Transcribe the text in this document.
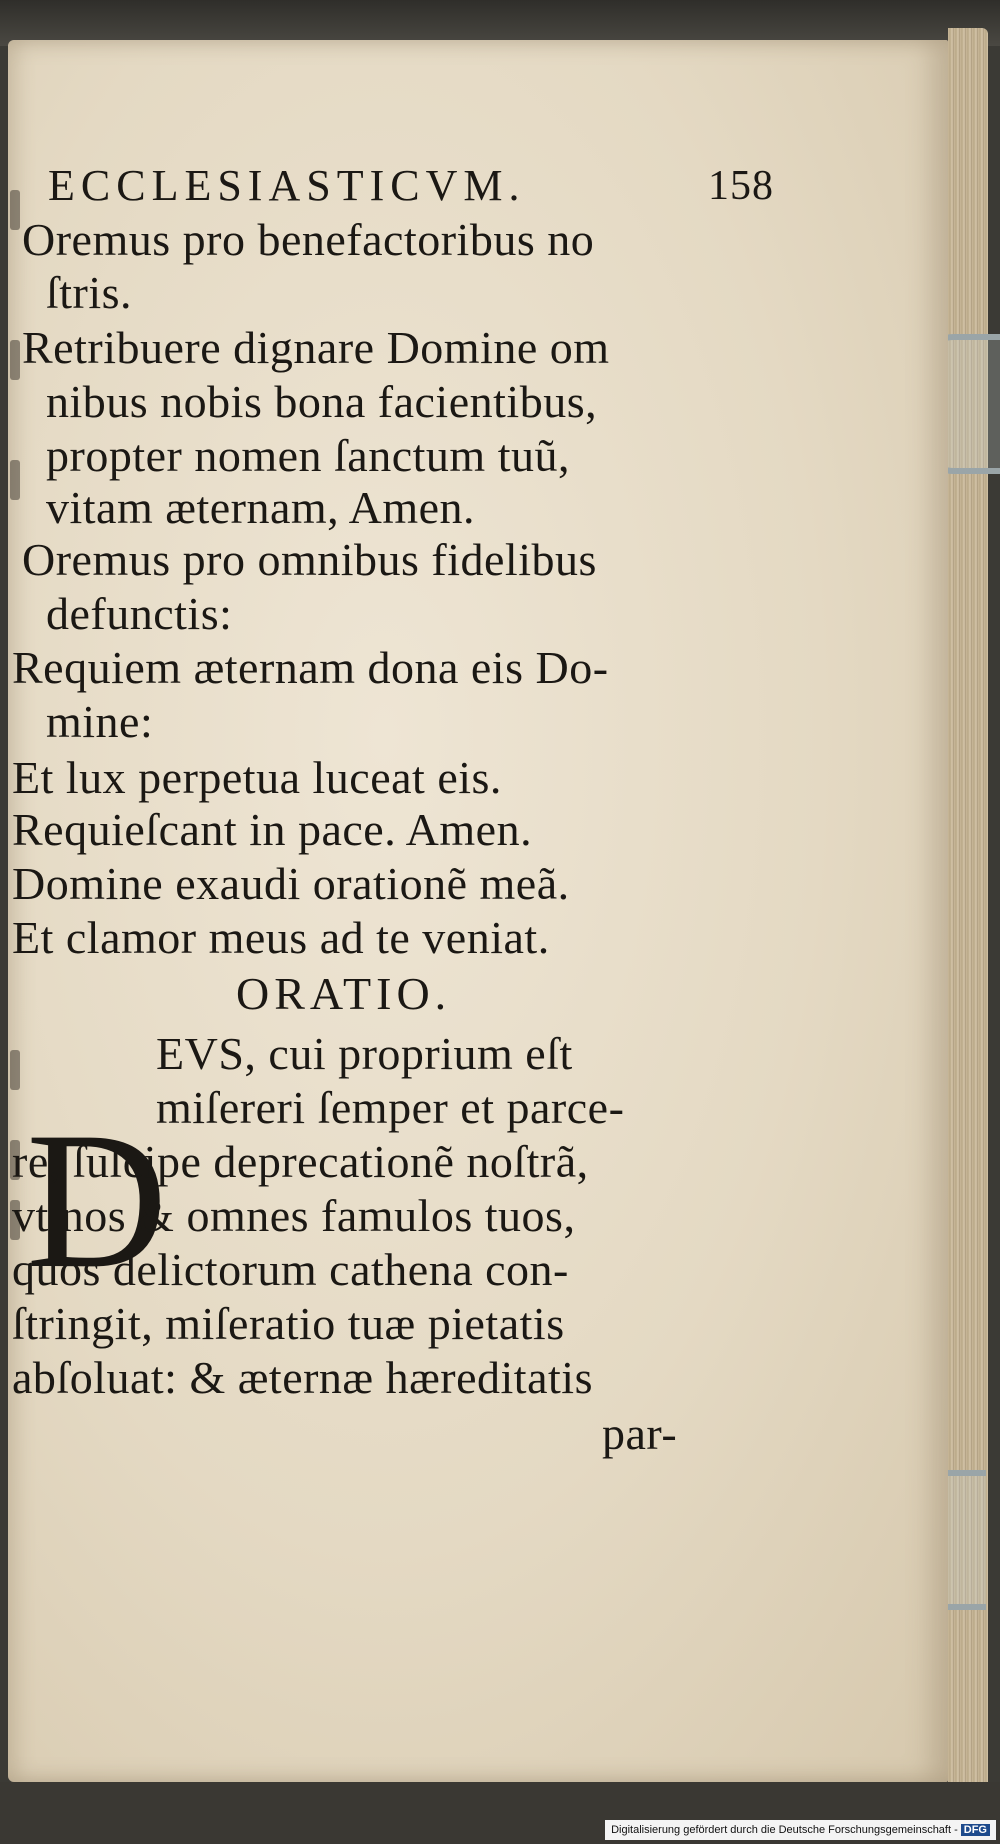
ECCLESIASTICVM.	158
Oremus pro benefactoribus no
ſtris.
Retribuere dignare Domine om
nibus nobis bona facientibus,
propter nomen ſanctum tuũ,
vitam æternam, Amen.
Oremus pro omnibus fidelibus
defunctis:
Requiem æternam dona eis Do-
mine:
Et lux perpetua luceat eis.
Requieſcant in pace. Amen.
Domine exaudi orationẽ meã.
Et clamor meus ad te veniat.
ORATIO.
D
EVS, cui proprium eſt
miſereri ſemper et parce-
re, ſuſcipe deprecationẽ noſtrã,
vt nos & omnes famulos tuos,
quos delictorum cathena con-
ſtringit, miſeratio tuæ pietatis
abſoluat: & æternæ hæreditatis
par-
Digitalisierung gefördert durch die Deutsche Forschungsgemeinschaft - DFG
